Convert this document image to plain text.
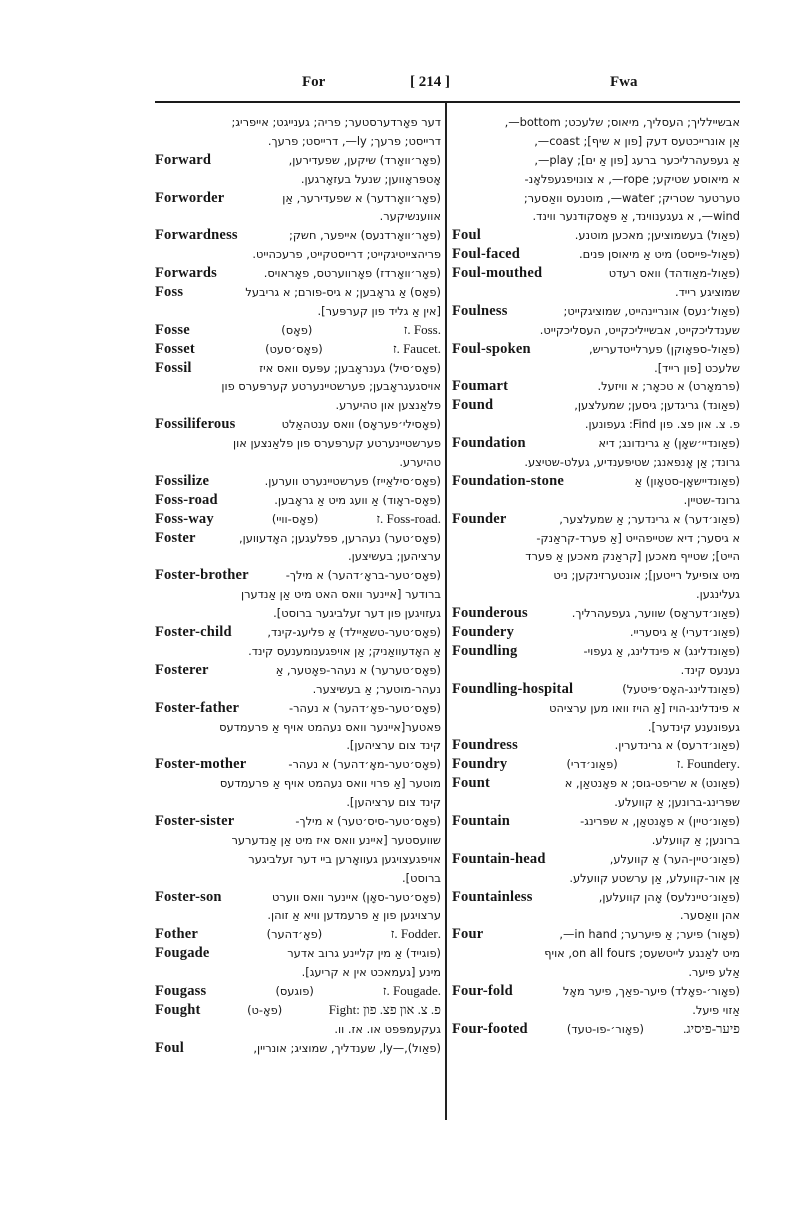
For	[ 214 ]	Fwa
דער פאָרדערסטער; פריה; גענייגט; אייפריג;
דרייסט; פרעך; ly—, דרייסט; פרעך.
Forward	(פאָר׳וואָרד) שיקען, שפעדירען,
אָטפּראָווען; שנעל בעזאָרגען.
Forworder	(פאָר׳וואָרדער) א שפעדירער, אַן
אווענשיקער.
Forwardness	(פאָר׳וואָרדנעס) אייפער, חשק;
פריהצייטיגקייט; דרייסטקייט, פרעכהייט.
Forwards	(פאָר׳וואָרדז) פאָרווערטס, פאָראויס.
Foss	(פאָס) אַ גראָבען; א גיס-פורם; א גריבעל
[אין אַ גליד פון קערפּער].
Fosse	(פאָס)	.Foss .ז
Fosset	(פאָס׳סעט)	.Faucet .ז
Fossil	(פאָס׳סיל) גענראָבען; עפּעס וואס איז
אויסגעגראָבען; פערשטיינערטע קערפּערס פון
פלאַנצען און טהיערע.
Fossiliferous	(פאָסילי׳פעראָס) וואס ענטהאַלט
פערשטיינערטע קערפּערס פון פלאַנצען און
טהיערע.
Fossilize	(פאָס׳סילאַייז) פערשטיינערט ווערען.
Foss-road	(פאָס-ראָוד) אַ וועג מיט אַ גראָבען.
Foss-way	(פאָס-וויי)	.Foss-road .ז
Foster	(פאָס׳טער) נעהרען, פפלעגען; האָדעווען,
ערציהען; בעשיצען.
Foster-brother	(פאָס׳טער-בראָ׳דהער) א מילך-
ברודער [איינער וואס האט מיט אַן אַנדערן
געזויגען פון דער זעלביגער ברוסט].
Foster-child	(פאָס׳טער-טשאַיילד) אַ פליעג-קינד,
אַ האָדעוואַניק; אַן אויפגענומענעס קינד.
Fosterer	(פאָס׳טערער) א נעהר-פאָטער, אַ
נעהר-מוטער; אַ בעשיצער.
Foster-father	(פאָס׳טער-פאָ׳דהער) א נעהר-
פאטער[איינער וואס נעהמט אויף אַ פרעמדעס
קינד צום ערציהען].
Foster-mother	(פאָס׳טער-מאָ׳דהער) א נעהר-
מוטער [אַ פרוי וואס נעהמט אויף אַ פרעמדעס
קינד צום ערציהען].
Foster-sister	(פאָס׳טער-סיס׳טער) א מילך-
שוועסטער [איינע וואס איז מיט אַן אַנדערער
אויפגעצויגען געוואָרען ביי דער זעלביגער
ברוסט].
Foster-son	(פאָס׳טער-סאָן) איינער וואס ווערט
ערצויגען פון אַ פרעמדען וויא אַ זוהן.
Fother	(פאָ׳דהער)	.Fodder .ז
Fougade	(פוגייד) אַ מין קליינע גרוב אדער
מינע [געמאכט אין א קריעג].
Fougass	(פוגעס)	.Fougade .ז
Fought	(פאָ-ט)	פ. צ. און פצ. פון :Fight
געקעמפּפט או. אז. וו.
Foul	(פאַול),—ly, שענדליך, שמוציג; אונריין,
אבשיילליך; העסליך, מיאוס; שלעכט; bottom—,
אַן אונרייכטעס דעק [פון א שיף]; coast—,
אַ געפעהרליכער ברעג [פון אַ ים]; play—,
א מיאוסע שטיקע; rope—, א צונויפגעפלאָנ-
טערטער שטריק; water—, מוטנעס וואַסער;
wind—, א געגענווינד, אַ פאָסקודנער ווינד.
Foul	(פאַול) בעשמוציען; מאכען מוטנע.
Foul-faced	(פאַול-פייסט) מיט אַ מיאוסן פּנים.
Foul-mouthed	(פאַול-מאַודהד) וואס רעדט
שמוציגע רייד.
Foulness	(פאַול׳נעס) אונריינהייט, שמוציגקייט;
שענדליכקייט, אבשייליכקייט, העסליכקייט.
Foul-spoken	(פאַול-ספּאָוקן) פערלייטדעריש,
שלעכט [פון רייד].
Foumart	(פרמאָרט) א טכאָר; א וויזעל.
Found	(פאַונד) גריגדען; גיסען; שמעלצען,
פ. צ. און פצ. פון Find: געפונען.
Foundation	(פאַונדיי׳שאָן) אַ גרינדונג; דיא
גרונד; אַן אָנפאנג; שטיפּענדיע, געלט-שטיצע.
Foundation-stone	(פאַונדיישאָן-סטאָון) אַ
גרונד-שטיין.
Founder	(פאַונ׳דער) א גרינדער; אַ שמעלצער,
א גיסער; דיא שטייפהייט [אַ פערד-קראַנק-
הייט]; שטייף מאכען [קראַנק מאכען אַ פערד
מיט צופיעל רייטען]; אונטערזינקען; ניט
געלינגען.
Founderous	(פאַונ׳דעראָס) שווער, געפעהרליך.
Foundery	(פאַונ׳דערי) אַ גיסעריי.
Foundling	(פאַונדלינג) א פינדלינג, אַ געפוי-
נענעס קינד.
Foundling-hospital	(פאַונדלינג-האָס׳פּיטעל)
א פינדלינג-הויז [אַ הויז וואו מען ערציהט
געפונענע קינדער].
Foundress	(פאַונ׳דרעס) א גרינדערין.
Foundry	(פאַונ׳דרי)	.Foundery .ז
Fount	(פאַונט) א שריפט-גוס; א פאָנטאַן, א
שפּרינג-ברונען; אַ קוועלע.
Fountain	(פאַונ׳טיין) א פאָנטאַן, א שפּרינג-
ברונען; אַ קוועלע.
Fountain-head	(פאַונ׳טיין-הער) אַ קוועלע,
אַן אור-קוועלע, אַן ערשטע קוועלע.
Fountainless	(פאַונ׳טיינלעס) אָהן קוועלען,
אהן וואַסער.
Four	(פאָור) פיער; אַ פיערער; in hand—,
מיט לאַנגע לייטשעס; on all fours, אויף
אַלע פיער.
Four-fold	(פאָור׳-פאָלד) פיער-פאַך, פיער מאָל
אַזוי פיעל.
Four-footed	(פאָור׳-פו-טעד)	פיער-פיסיג.
